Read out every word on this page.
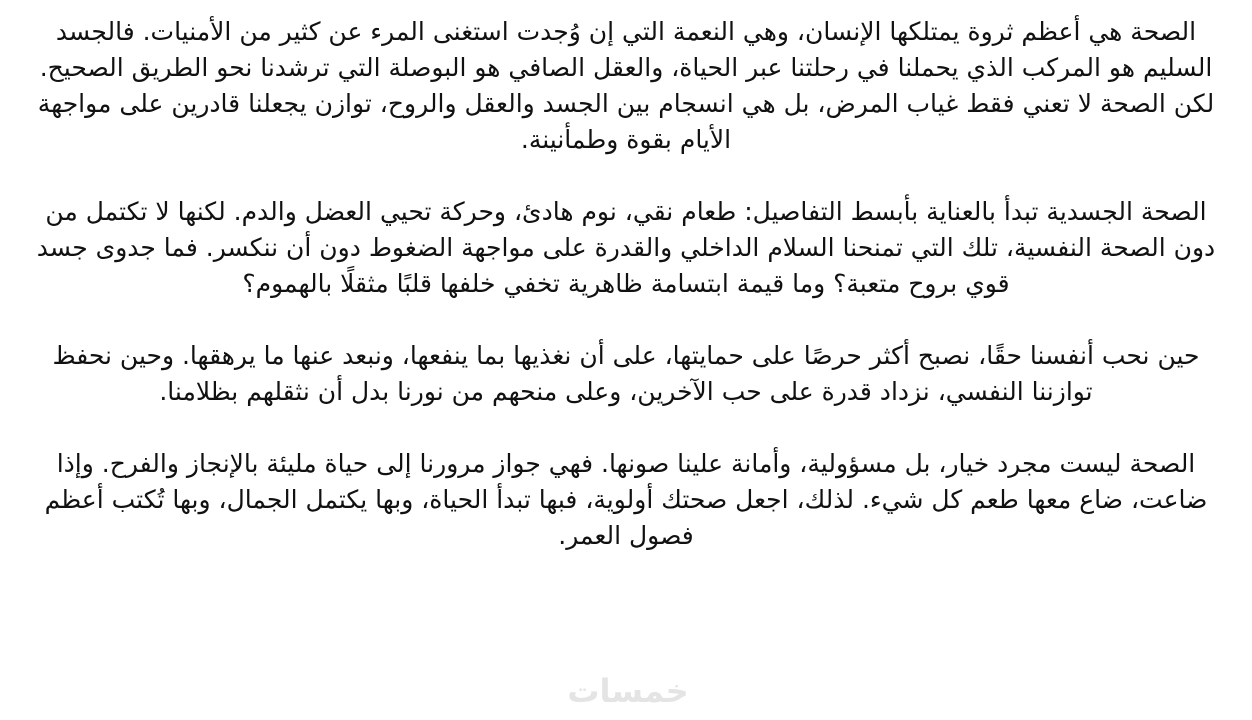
الصحة هي أعظم ثروة يمتلكها الإنسان، وهي النعمة التي إن وُجدت استغنى المرء عن كثير من الأمنيات. فالجسد السليم هو المركب الذي يحملنا في رحلتنا عبر الحياة، والعقل الصافي هو البوصلة التي ترشدنا نحو الطريق الصحيح. لكن الصحة لا تعني فقط غياب المرض، بل هي انسجام بين الجسد والعقل والروح، توازن يجعلنا قادرين على مواجهة الأيام بقوة وطمأنينة.

الصحة الجسدية تبدأ بالعناية بأبسط التفاصيل: طعام نقي، نوم هادئ، وحركة تحيي العضل والدم. لكنها لا تكتمل من دون الصحة النفسية، تلك التي تمنحنا السلام الداخلي والقدرة على مواجهة الضغوط دون أن ننكسر. فما جدوى جسد قوي بروح متعبة؟ وما قيمة ابتسامة ظاهرية تخفي خلفها قلبًا مثقلًا بالهموم؟

حين نحب أنفسنا حقًا، نصبح أكثر حرصًا على حمايتها، على أن نغذيها بما ينفعها، ونبعد عنها ما يرهقها. وحين نحفظ توازننا النفسي، نزداد قدرة على حب الآخرين، وعلى منحهم من نورنا بدل أن نثقلهم بظلامنا.

الصحة ليست مجرد خيار، بل مسؤولية، وأمانة علينا صونها. فهي جواز مرورنا إلى حياة مليئة بالإنجاز والفرح. وإذا ضاعت، ضاع معها طعم كل شيء. لذلك، اجعل صحتك أولوية، فبها تبدأ الحياة، وبها يكتمل الجمال، وبها تُكتب أعظم فصول العمر.

خمسات
